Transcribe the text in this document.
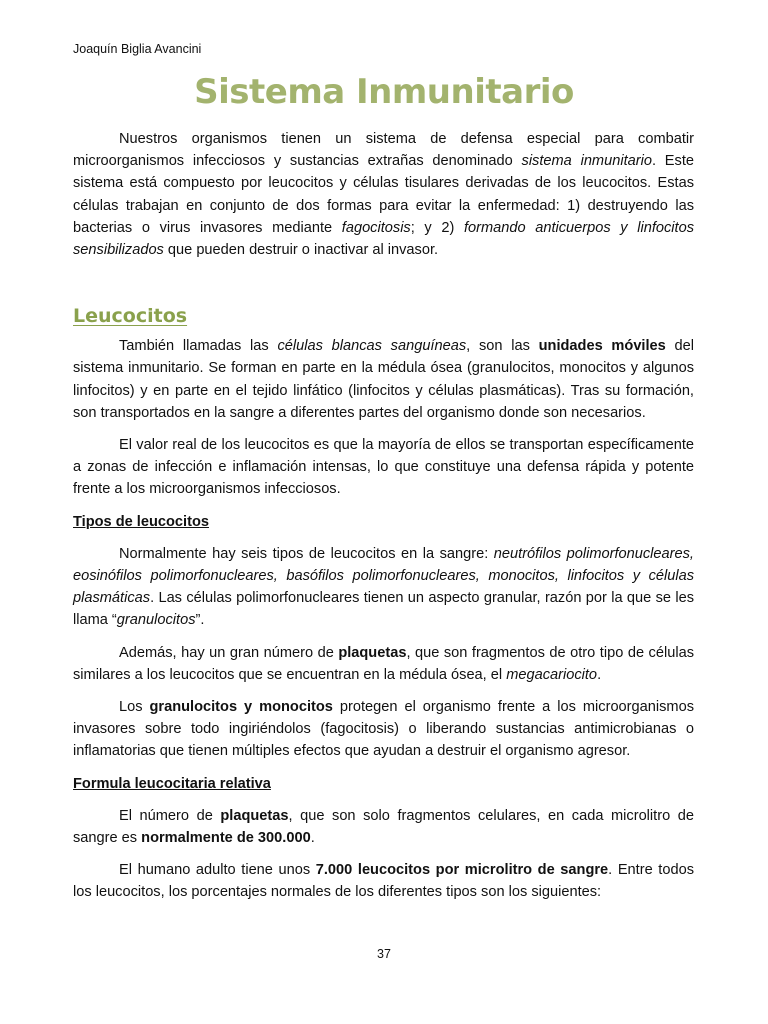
Joaquín Biglia Avancini
Sistema Inmunitario

Nuestros organismos tienen un sistema de defensa especial para combatir microorganismos infecciosos y sustancias extrañas denominado sistema inmunitario. Este sistema está compuesto por leucocitos y células tisulares derivadas de los leucocitos. Estas células trabajan en conjunto de dos formas para evitar la enfermedad: 1) destruyendo las bacterias o virus invasores mediante fagocitosis; y 2) formando anticuerpos y linfocitos sensibilizados que pueden destruir o inactivar al invasor.

Leucocitos

También llamadas las células blancas sanguíneas, son las unidades móviles del sistema inmunitario. Se forman en parte en la médula ósea (granulocitos, monocitos y algunos linfocitos) y en parte en el tejido linfático (linfocitos y células plasmáticas). Tras su formación, son transportados en la sangre a diferentes partes del organismo donde son necesarios.

El valor real de los leucocitos es que la mayoría de ellos se transportan específicamente a zonas de infección e inflamación intensas, lo que constituye una defensa rápida y potente frente a los microorganismos infecciosos.

Tipos de leucocitos

Normalmente hay seis tipos de leucocitos en la sangre: neutrófilos polimorfonucleares, eosinófilos polimorfonucleares, basófilos polimorfonucleares, monocitos, linfocitos y células plasmáticas. Las células polimorfonucleares tienen un aspecto granular, razón por la que se les llama “granulocitos”.

Además, hay un gran número de plaquetas, que son fragmentos de otro tipo de células similares a los leucocitos que se encuentran en la médula ósea, el megacariocito.

Los granulocitos y monocitos protegen el organismo frente a los microorganismos invasores sobre todo ingiriéndolos (fagocitosis) o liberando sustancias antimicrobianas o inflamatorias que tienen múltiples efectos que ayudan a destruir el organismo agresor.

Formula leucocitaria relativa

El número de plaquetas, que son solo fragmentos celulares, en cada microlitro de sangre es normalmente de 300.000.

El humano adulto tiene unos 7.000 leucocitos por microlitro de sangre. Entre todos los leucocitos, los porcentajes normales de los diferentes tipos son los siguientes:

37
